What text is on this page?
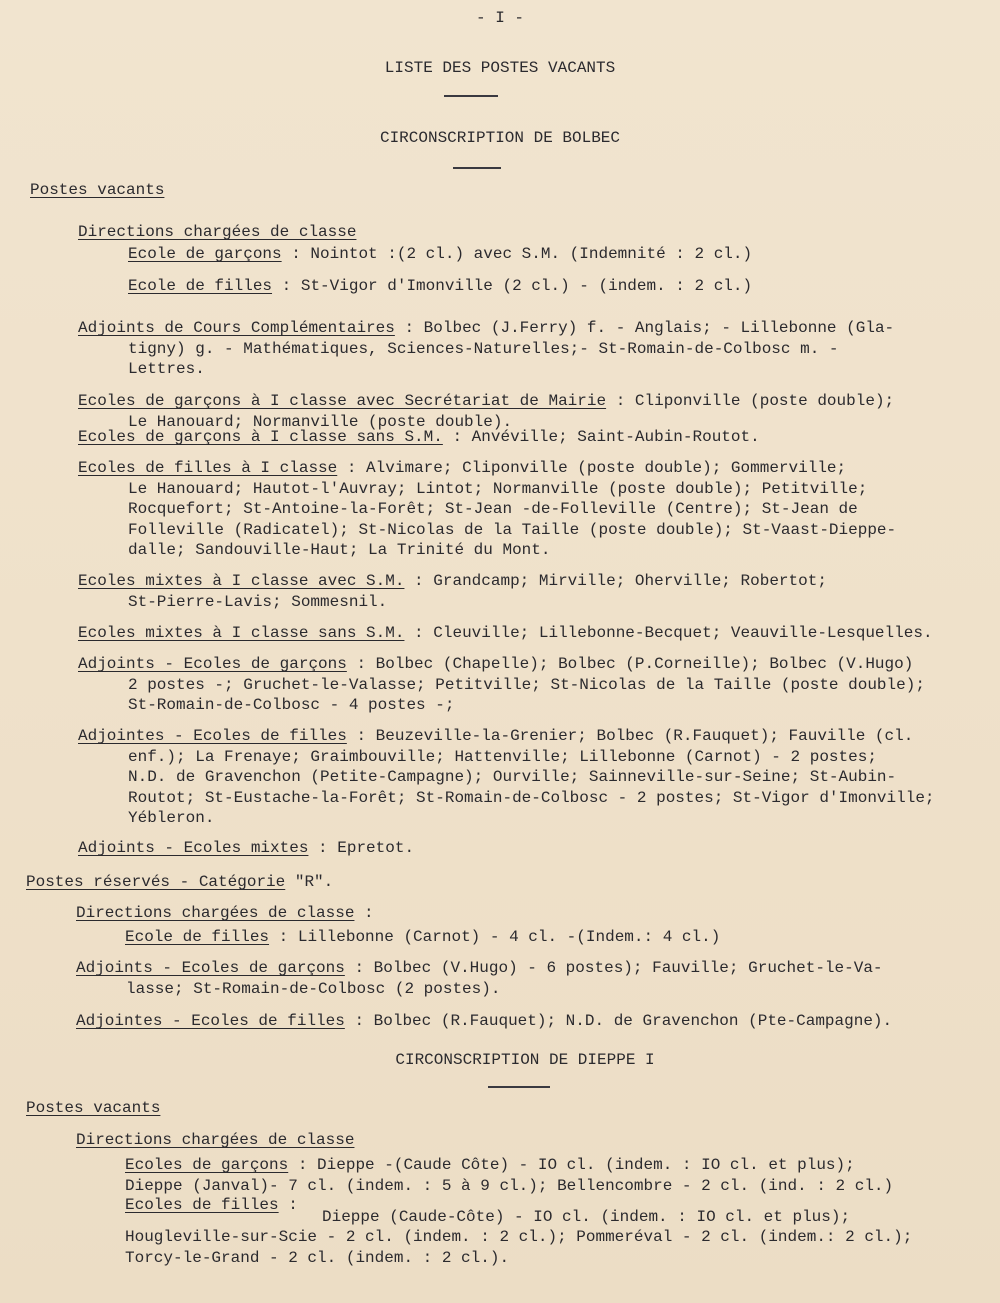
- I -

LISTE DES POSTES VACANTS

CIRCONSCRIPTION DE BOLBEC

Postes vacants

Directions chargées de classe

Ecole de garçons : Nointot :(2 cl.) avec S.M. (Indemnité : 2 cl.)

Ecole de filles : St-Vigor d'Imonville (2 cl.) - (indem. : 2 cl.)

Adjoints de Cours Complémentaires : Bolbec (J.Ferry) f. - Anglais; - Lillebonne (Gla-
tigny) g. - Mathématiques, Sciences-Naturelles;- St-Romain-de-Colbosc m. -
Lettres.
Ecoles de garçons à I classe avec Secrétariat de Mairie : Cliponville (poste double);
Le Hanouard; Normanville (poste double).

Ecoles de garçons à I classe sans S.M. : Anvéville; Saint-Aubin-Routot.

Ecoles de filles à I classe : Alvimare; Cliponville (poste double); Gommerville;
Le Hanouard; Hautot-l'Auvray; Lintot; Normanville (poste double); Petitville;
Rocquefort; St-Antoine-la-Forêt; St-Jean -de-Folleville (Centre); St-Jean de
Folleville (Radicatel); St-Nicolas de la Taille (poste double); St-Vaast-Dieppe-
dalle; Sandouville-Haut; La Trinité du Mont.
Ecoles mixtes à I classe avec S.M. : Grandcamp; Mirville; Oherville; Robertot;
St-Pierre-Lavis; Sommesnil.

Ecoles mixtes à I classe sans S.M. : Cleuville; Lillebonne-Becquet; Veauville-Lesquelles.

Adjoints - Ecoles de garçons : Bolbec (Chapelle); Bolbec (P.Corneille); Bolbec (V.Hugo)
2 postes -; Gruchet-le-Valasse; Petitville; St-Nicolas de la Taille (poste double);
St-Romain-de-Colbosc - 4 postes -;
Adjointes - Ecoles de filles : Beuzeville-la-Grenier; Bolbec (R.Fauquet); Fauville (cl.
enf.); La Frenaye; Graimbouville; Hattenville; Lillebonne (Carnot) - 2 postes;
N.D. de Gravenchon (Petite-Campagne); Ourville; Sainneville-sur-Seine; St-Aubin-
Routot; St-Eustache-la-Forêt; St-Romain-de-Colbosc - 2 postes; St-Vigor d'Imonville;
Yébleron.

Adjoints - Ecoles mixtes : Epretot.

Postes réservés - Catégorie "R".

Directions chargées de classe :

Ecole de filles : Lillebonne (Carnot) - 4 cl. -(Indem.: 4 cl.)

Adjoints - Ecoles de garçons : Bolbec (V.Hugo) - 6 postes); Fauville; Gruchet-le-Va-
lasse; St-Romain-de-Colbosc (2 postes).

Adjointes - Ecoles de filles : Bolbec (R.Fauquet); N.D. de Gravenchon (Pte-Campagne).

CIRCONSCRIPTION DE DIEPPE I

Postes vacants

Directions chargées de classe

Ecoles de garçons : Dieppe -(Caude Côte) - IO cl. (indem. : IO cl. et plus);
Dieppe (Janval)- 7 cl. (indem. : 5 à 9 cl.); Bellencombre - 2 cl. (ind. : 2 cl.)

Ecoles de filles :

Dieppe (Caude-Côte) - IO cl. (indem. : IO cl. et plus);

Hougleville-sur-Scie - 2 cl. (indem. : 2 cl.); Pommeréval - 2 cl. (indem.: 2 cl.);
Torcy-le-Grand - 2 cl. (indem. : 2 cl.).
